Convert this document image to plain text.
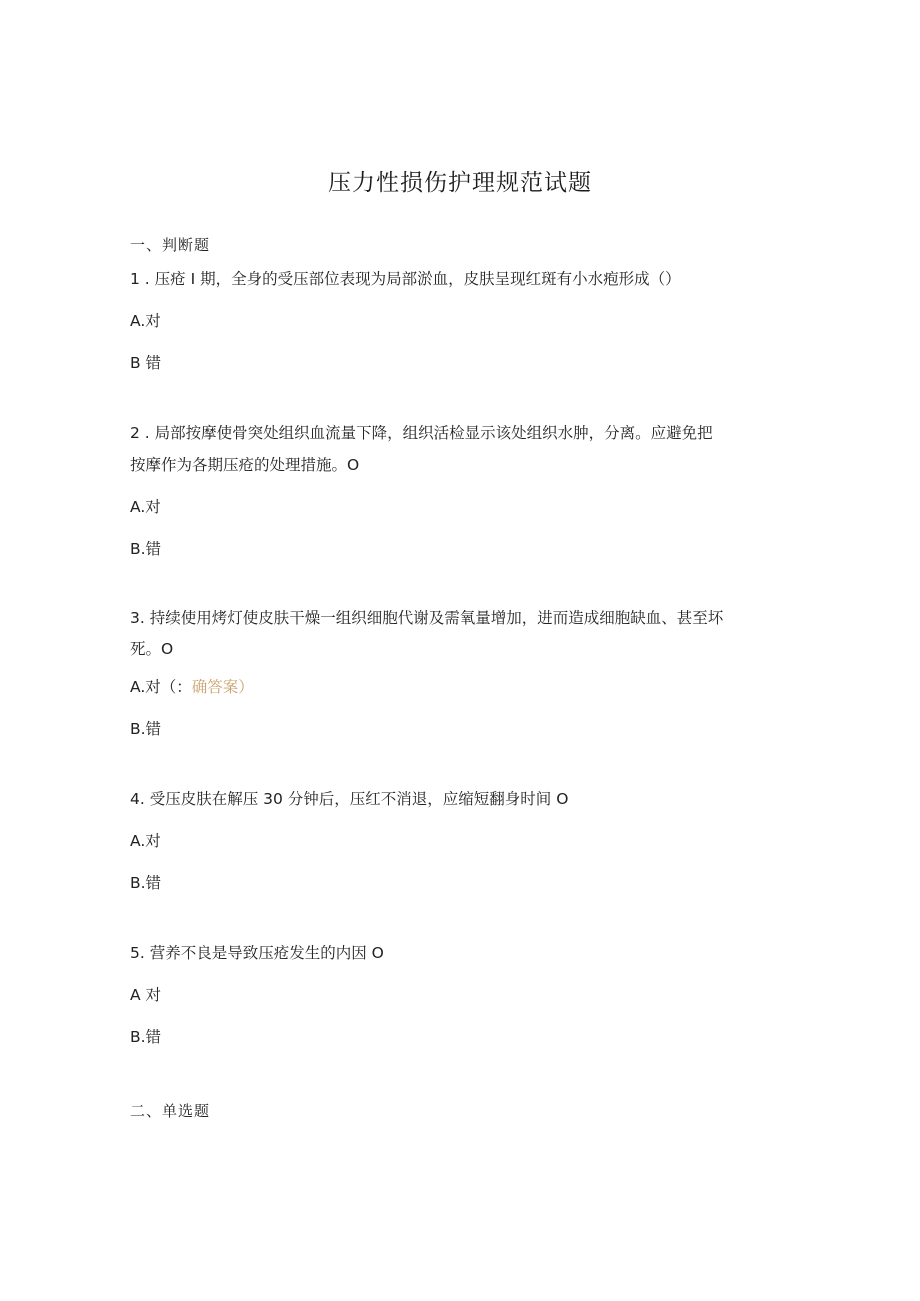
压力性损伤护理规范试题
一、判断题
1 . 压疮 I 期，全身的受压部位表现为局部淤血，皮肤呈现红斑有小水疱形成（）
A.对
B 错
2 . 局部按摩使骨突处组织血流量下降，组织活检显示该处组织水肿，分离。应避免把
按摩作为各期压疮的处理措施。O
A.对
B.错
3. 持续使用烤灯使皮肤干燥一组织细胞代谢及需氧量增加，进而造成细胞缺血、甚至坏
死。O
A.对（：确答案）
B.错
4. 受压皮肤在解压 30 分钟后，压红不消退，应缩短翻身时间 O
A.对
B.错
5. 营养不良是导致压疮发生的内因 O
A 对
B.错
二、单选题
